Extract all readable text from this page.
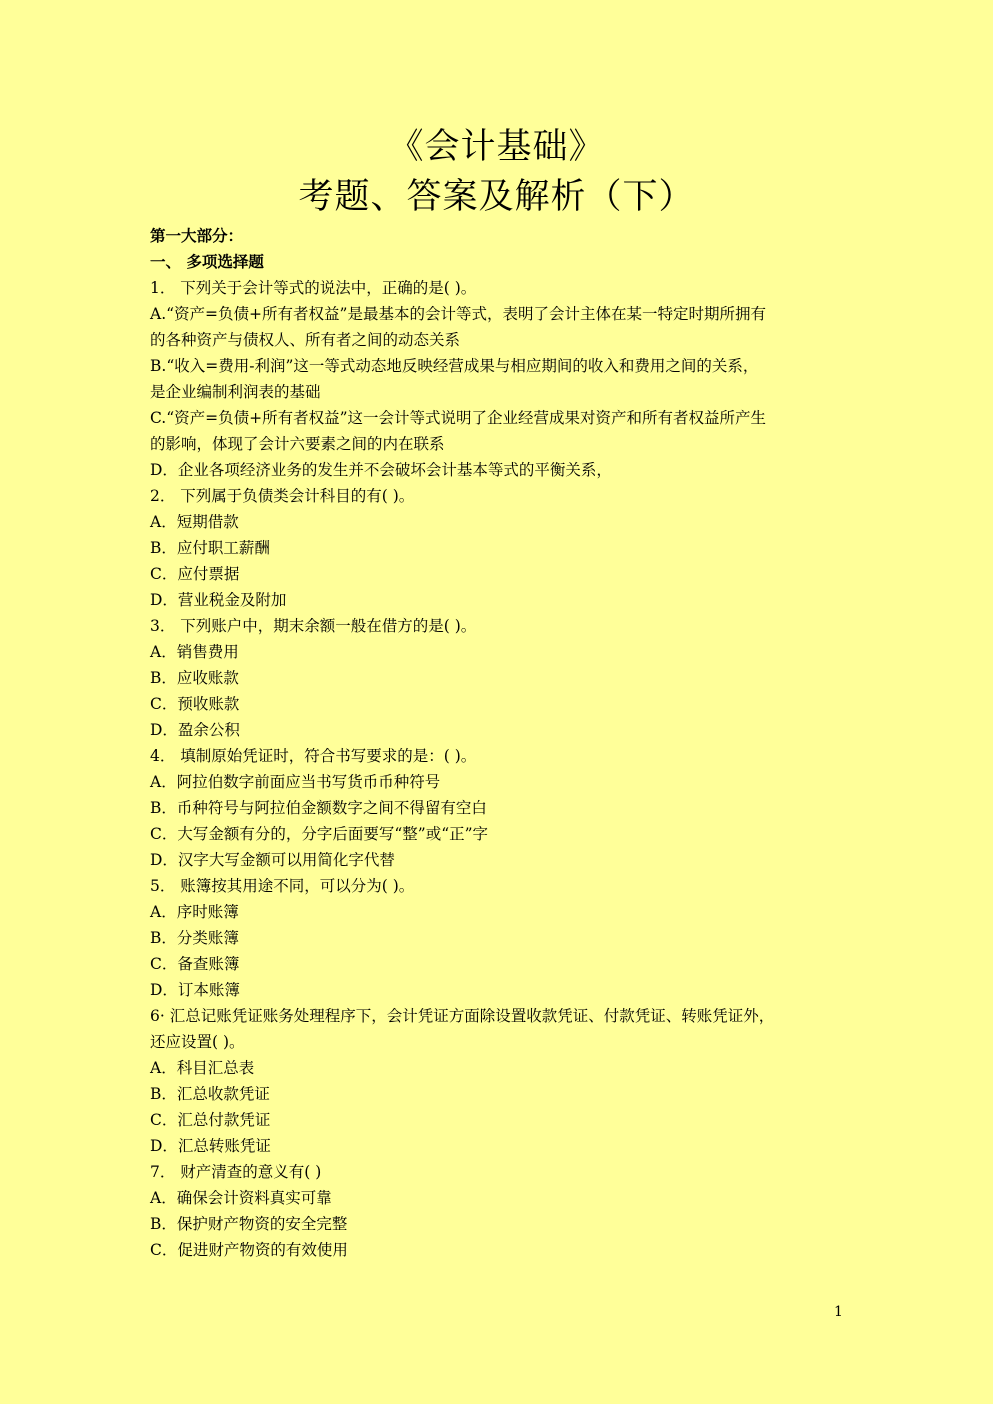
《会计基础》
考题、答案及解析（下）
第一大部分：
一、 多项选择题
1． 下列关于会计等式的说法中，正确的是( )。
A.“资产=负债+所有者权益”是最基本的会计等式，表明了会计主体在某一特定时期所拥有
的各种资产与债权人、所有者之间的动态关系
B.“收入=费用-利润”这一等式动态地反映经营成果与相应期间的收入和费用之间的关系，
是企业编制利润表的基础
C.“资产=负债+所有者权益”这一会计等式说明了企业经营成果对资产和所有者权益所产生
的影响，体现了会计六要素之间的内在联系
D．企业各项经济业务的发生并不会破坏会计基本等式的平衡关系，
2． 下列属于负债类会计科目的有( )。
A．短期借款
B．应付职工薪酬
C．应付票据
D．营业税金及附加
3． 下列账户中，期末余额一般在借方的是( )。
A．销售费用
B．应收账款
C．预收账款
D．盈余公积
4． 填制原始凭证时，符合书写要求的是：( )。
A．阿拉伯数字前面应当书写货币币种符号
B．币种符号与阿拉伯金额数字之间不得留有空白
C．大写金额有分的，分字后面要写“整”或“正”字
D．汉字大写金额可以用简化字代替
5． 账簿按其用途不同，可以分为( )。
A．序时账簿
B．分类账簿
C．备查账簿
D．订本账簿
6· 汇总记账凭证账务处理程序下，会计凭证方面除设置收款凭证、付款凭证、转账凭证外，
还应设置( )。
A．科目汇总表
B．汇总收款凭证
C．汇总付款凭证
D．汇总转账凭证
7． 财产清查的意义有( )
A．确保会计资料真实可靠
B．保护财产物资的安全完整
C．促进财产物资的有效使用
1
